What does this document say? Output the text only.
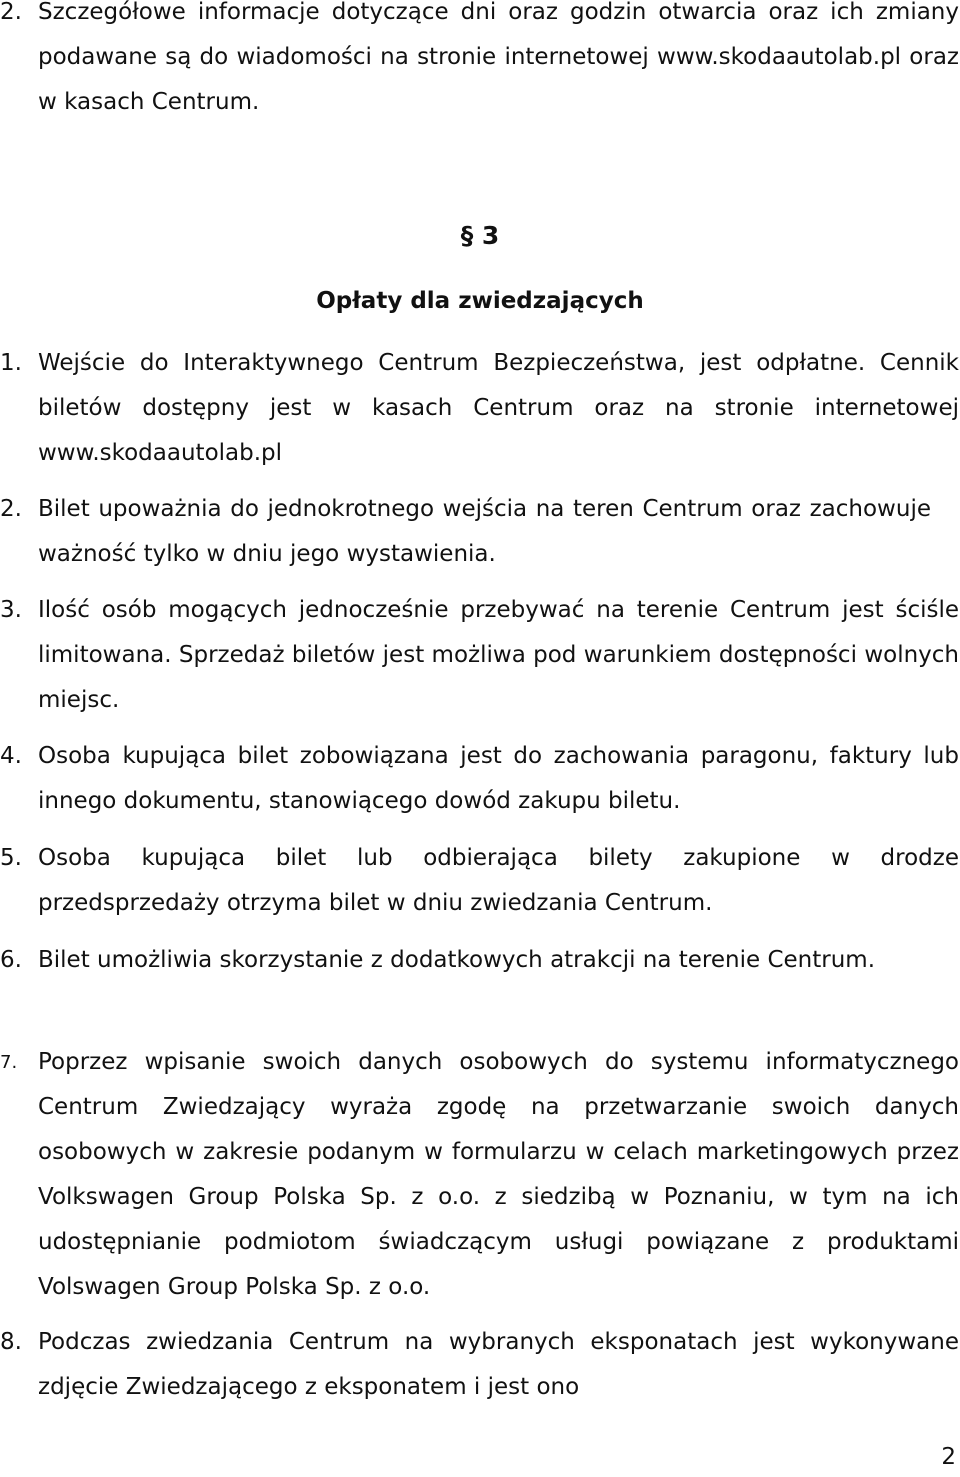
2. Szczegółowe informacje dotyczące dni oraz godzin otwarcia oraz ich zmiany podawane są do wiadomości na stronie internetowej www.skodaautolab.pl oraz w kasach Centrum.
§ 3
Opłaty dla zwiedzających
1. Wejście do Interaktywnego Centrum Bezpieczeństwa, jest odpłatne. Cennik biletów dostępny jest w kasach Centrum oraz na stronie internetowej www.skodaautolab.pl
2. Bilet upoważnia do jednokrotnego wejścia na teren Centrum oraz zachowuje ważność tylko w dniu jego wystawienia.
3. Ilość osób mogących jednocześnie przebywać na terenie Centrum jest ściśle limitowana. Sprzedaż biletów jest możliwa pod warunkiem dostępności wolnych miejsc.
4. Osoba kupująca bilet zobowiązana jest do zachowania paragonu, faktury lub innego dokumentu, stanowiącego dowód zakupu biletu.
5. Osoba kupująca bilet lub odbierająca bilety zakupione w drodze przedsprzedaży otrzyma bilet w dniu zwiedzania Centrum.
6. Bilet umożliwia skorzystanie z dodatkowych atrakcji na terenie Centrum.
7. Poprzez wpisanie swoich danych osobowych do systemu informatycznego Centrum Zwiedzający wyraża zgodę na przetwarzanie swoich danych osobowych w zakresie podanym w formularzu w celach marketingowych przez Volkswagen Group Polska Sp. z o.o. z siedzibą w Poznaniu, w tym na ich udostępnianie podmiotom świadczącym usługi powiązane z produktami Volswagen Group Polska Sp. z o.o.
8. Podczas zwiedzania Centrum na wybranych eksponatach jest wykonywane zdjęcie Zwiedzającego z eksponatem i jest ono
2
